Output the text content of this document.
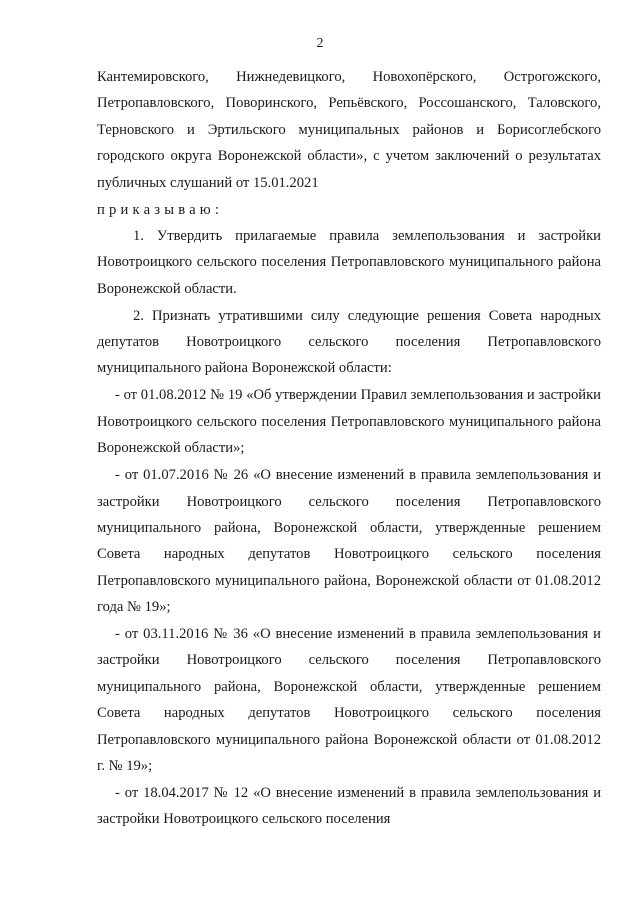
2

Кантемировского, Нижнедевицкого, Новохопёрского, Острогожского, Петропавловского, Поворинского, Репьёвского, Россошанского, Таловского, Терновского и Эртильского муниципальных районов и Борисоглебского городского округа Воронежской области», с учетом заключений о результатах публичных слушаний от 15.01.2021

приказываю:

1. Утвердить прилагаемые правила землепользования и застройки Новотроицкого сельского поселения Петропавловского муниципального района Воронежской области.

2. Признать утратившими силу следующие решения Совета народных депутатов Новотроицкого сельского поселения Петропавловского муниципального района Воронежской области:

- от 01.08.2012 № 19 «Об утверждении Правил землепользования и застройки Новотроицкого сельского поселения Петропавловского муниципального района Воронежской области»;

- от 01.07.2016 № 26 «О внесение изменений в правила землепользования и застройки Новотроицкого сельского поселения Петропавловского муниципального района, Воронежской области, утвержденные решением Совета народных депутатов Новотроицкого сельского поселения Петропавловского муниципального района, Воронежской области от 01.08.2012 года № 19»;

- от 03.11.2016 № 36 «О внесение изменений в правила землепользования и застройки Новотроицкого сельского поселения Петропавловского муниципального района, Воронежской области, утвержденные решением Совета народных депутатов Новотроицкого сельского поселения Петропавловского муниципального района Воронежской области от 01.08.2012 г. № 19»;

- от 18.04.2017 № 12 «О внесение изменений в правила землепользования и застройки Новотроицкого сельского поселения
